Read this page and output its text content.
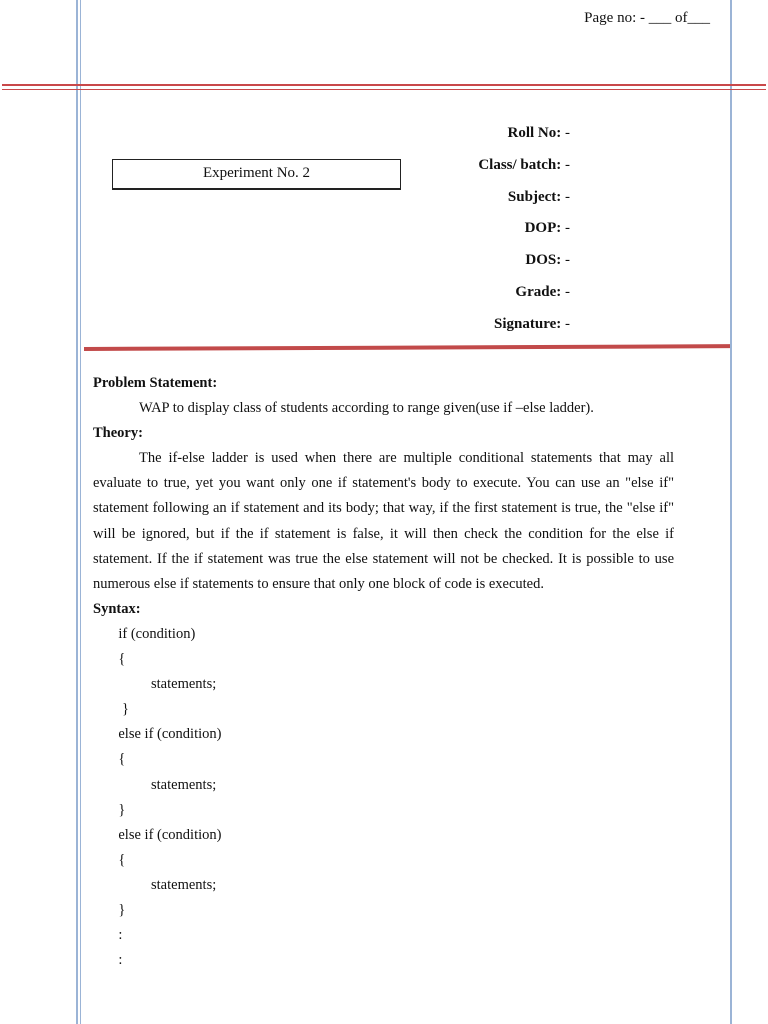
Page no: - ___ of___
Experiment No. 2
Roll No: -
Class/ batch: -
Subject: -
DOP: -
DOS: -
Grade: -
Signature: -
Problem Statement:
WAP to display class of students according to range given(use if –else ladder).
Theory:
The if-else ladder is used when there are multiple conditional statements that may all evaluate to true, yet you want only one if statement's body to execute. You can use an "else if" statement following an if statement and its body; that way, if the first statement is true, the "else if" will be ignored, but if the if statement is false, it will then check the condition for the else if statement. If the if statement was true the else statement will not be checked. It is possible to use numerous else if statements to ensure that only one block of code is executed.
Syntax:
if (condition)
{
statements;
}
else if (condition)
{
statements;
}
else if (condition)
{
statements;
}
:
:
